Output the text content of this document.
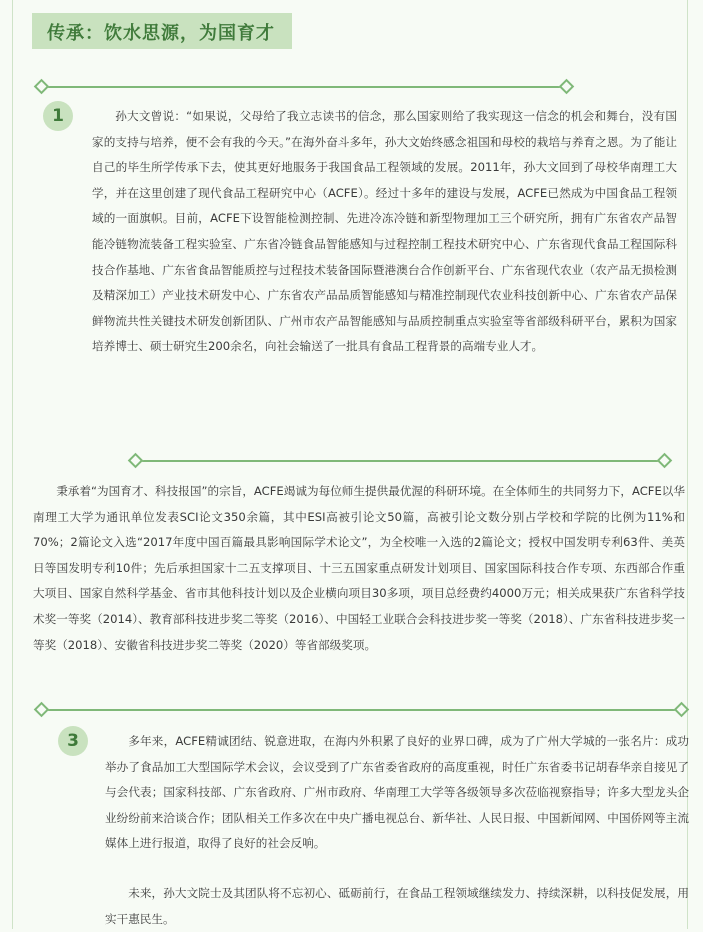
传承：饮水思源，为国育才
1	孙大文曾说：“如果说，父母给了我立志读书的信念，那么国家则给了我实现这一信念的机会和舞台，没有国家的支持与培养，便不会有我的今天。”在海外奋斗多年，孙大文始终感念祖国和母校的栽培与养育之恩。为了能让自己的毕生所学传承下去，使其更好地服务于我国食品工程领域的发展。2011年，孙大文回到了母校华南理工大学，并在这里创建了现代食品工程研究中心（ACFE）。经过十多年的建设与发展，ACFE已然成为中国食品工程领域的一面旗帜。目前，ACFE下设智能检测控制、先进冷冻冷链和新型物理加工三个研究所，拥有广东省农产品智能冷链物流装备工程实验室、广东省冷链食品智能感知与过程控制工程技术研究中心、广东省现代食品工程国际科技合作基地、广东省食品智能质控与过程技术装备国际暨港澳台合作创新平台、广东省现代农业（农产品无损检测及精深加工）产业技术研发中心、广东省农产品品质智能感知与精准控制现代农业科技创新中心、广东省农产品保鲜物流共性关键技术研发创新团队、广州市农产品智能感知与品质控制重点实验室等省部级科研平台，累积为国家培养博士、硕士研究生200余名，向社会输送了一批具有食品工程背景的高端专业人才。

秉承着“为国育才、科技报国”的宗旨，ACFE竭诚为每位师生提供最优渥的科研环境。在全体师生的共同努力下，ACFE以华南理工大学为通讯单位发表SCI论文350余篇，其中ESI高被引论文50篇，高被引论文数分别占学校和学院的比例为11%和70%；2篇论文入选“2017年度中国百篇最具影响国际学术论文”，为全校唯一入选的2篇论文；授权中国发明专利63件、美英日等国发明专利10件；先后承担国家十二五支撑项目、十三五国家重点研发计划项目、国家国际科技合作专项、东西部合作重大项目、国家自然科学基金、省市其他科技计划以及企业横向项目30多项，项目总经费约4000万元；相关成果获广东省科学技术奖一等奖（2014）、教育部科技进步奖二等奖（2016）、中国轻工业联合会科技进步奖一等奖（2018）、广东省科技进步奖一等奖（2018）、安徽省科技进步奖二等奖（2020）等省部级奖项。

3	多年来，ACFE精诚团结、锐意进取，在海内外积累了良好的业界口碑，成为了广州大学城的一张名片：成功举办了食品加工大型国际学术会议，会议受到了广东省委省政府的高度重视，时任广东省委书记胡春华亲自接见了与会代表；国家科技部、广东省政府、广州市政府、华南理工大学等各级领导多次莅临视察指导；许多大型龙头企业纷纷前来洽谈合作；团队相关工作多次在中央广播电视总台、新华社、人民日报、中国新闻网、中国侨网等主流媒体上进行报道，取得了良好的社会反响。

未来，孙大文院士及其团队将不忘初心、砥砺前行，在食品工程领域继续发力、持续深耕，以科技促发展，用实干惠民生。
